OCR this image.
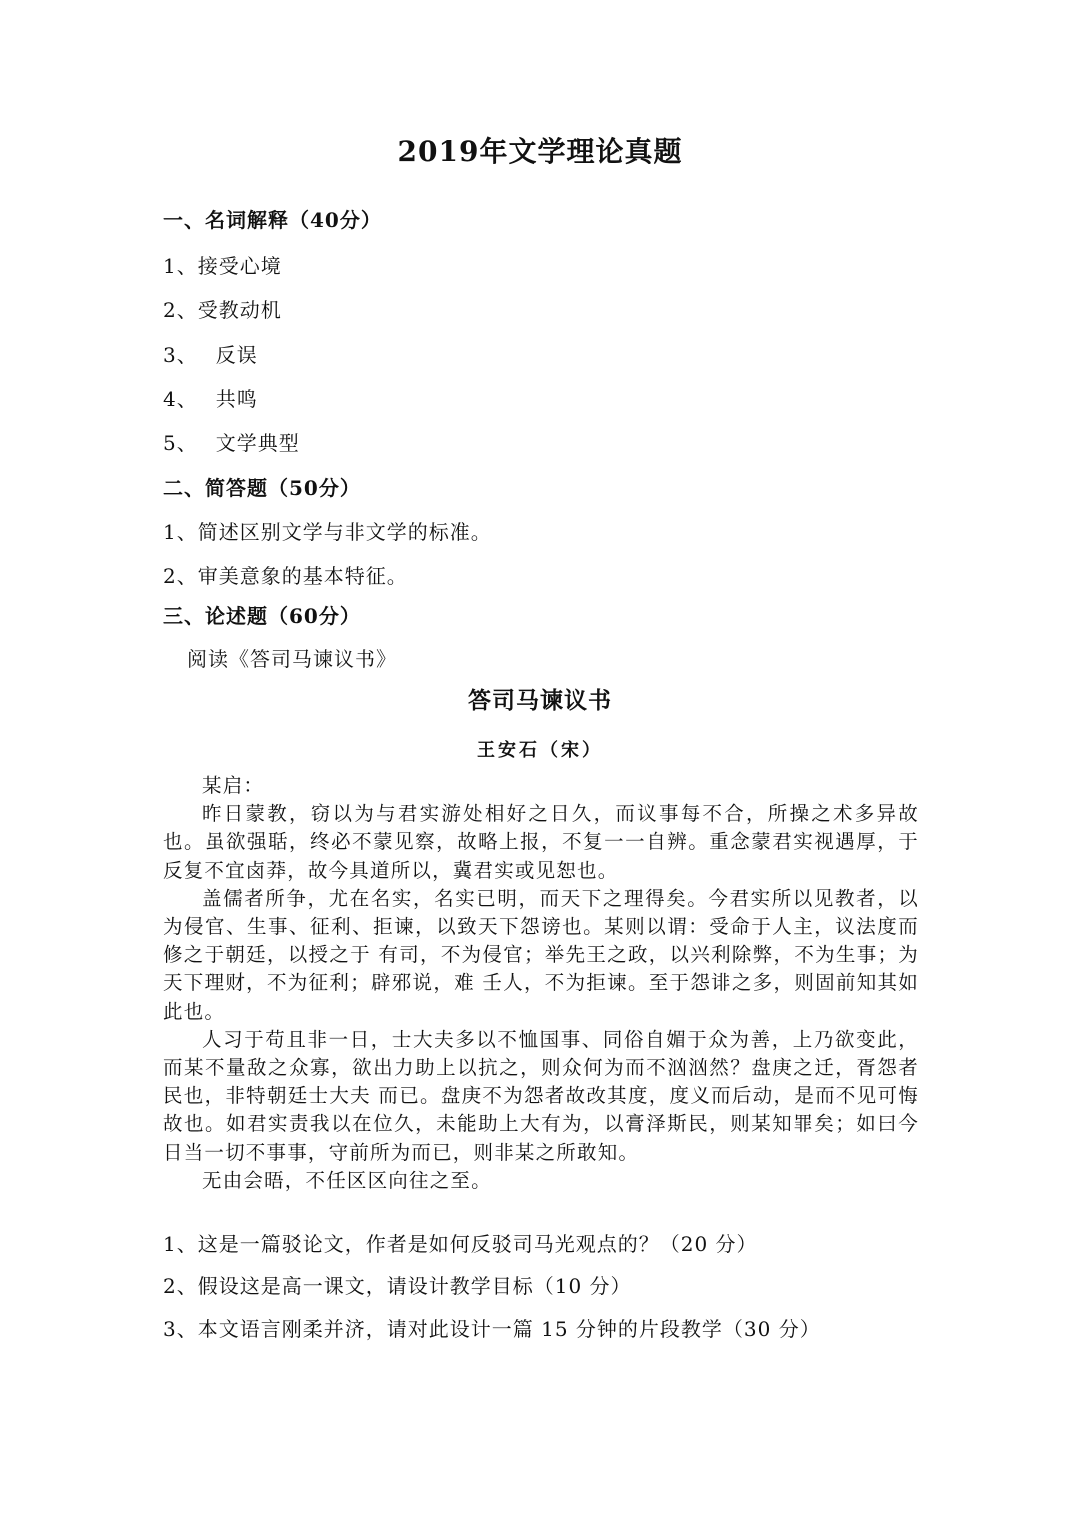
2019年文学理论真题
一、名词解释（40分）
1、接受心境
2、受教动机
3、 反误
4、 共鸣
5、 文学典型
二、简答题（50分）
1、简述区别文学与非文学的标准。
2、审美意象的基本特征。
三、论述题（60分）
阅读《答司马谏议书》
答司马谏议书
王安石（宋）

某启：

昨日蒙教，窃以为与君实游处相好之日久，而议事每不合，所操之术多异故也。虽欲强聒，终必不蒙见察，故略上报，不复一一自辨。重念蒙君实视遇厚，于反复不宜卤莽，故今具道所以，冀君实或见恕也。

盖儒者所争，尤在名实，名实已明，而天下之理得矣。今君实所以见教者，以为侵官、生事、征利、拒谏，以致天下怨谤也。某则以谓：受命于人主，议法度而修之于朝廷，以授之于 有司，不为侵官；举先王之政，以兴利除弊，不为生事；为天下理财，不为征利；辟邪说，难 壬人，不为拒谏。至于怨诽之多，则固前知其如此也。

人习于苟且非一日，士大夫多以不恤国事、同俗自媚于众为善，上乃欲变此，而某不量敌之众寡，欲出力助上以抗之，则众何为而不汹汹然？盘庚之迁，胥怨者民也，非特朝廷士大夫 而已。盘庚不为怨者故改其度，度义而后动，是而不见可悔故也。如君实责我以在位久，未能助上大有为，以膏泽斯民，则某知罪矣；如曰今日当一切不事事，守前所为而已，则非某之所敢知。

无由会晤，不任区区向往之至。

1、这是一篇驳论文，作者是如何反驳司马光观点的？（20 分）
2、假设这是高一课文，请设计教学目标（10 分）
3、本文语言刚柔并济，请对此设计一篇 15 分钟的片段教学（30 分）
